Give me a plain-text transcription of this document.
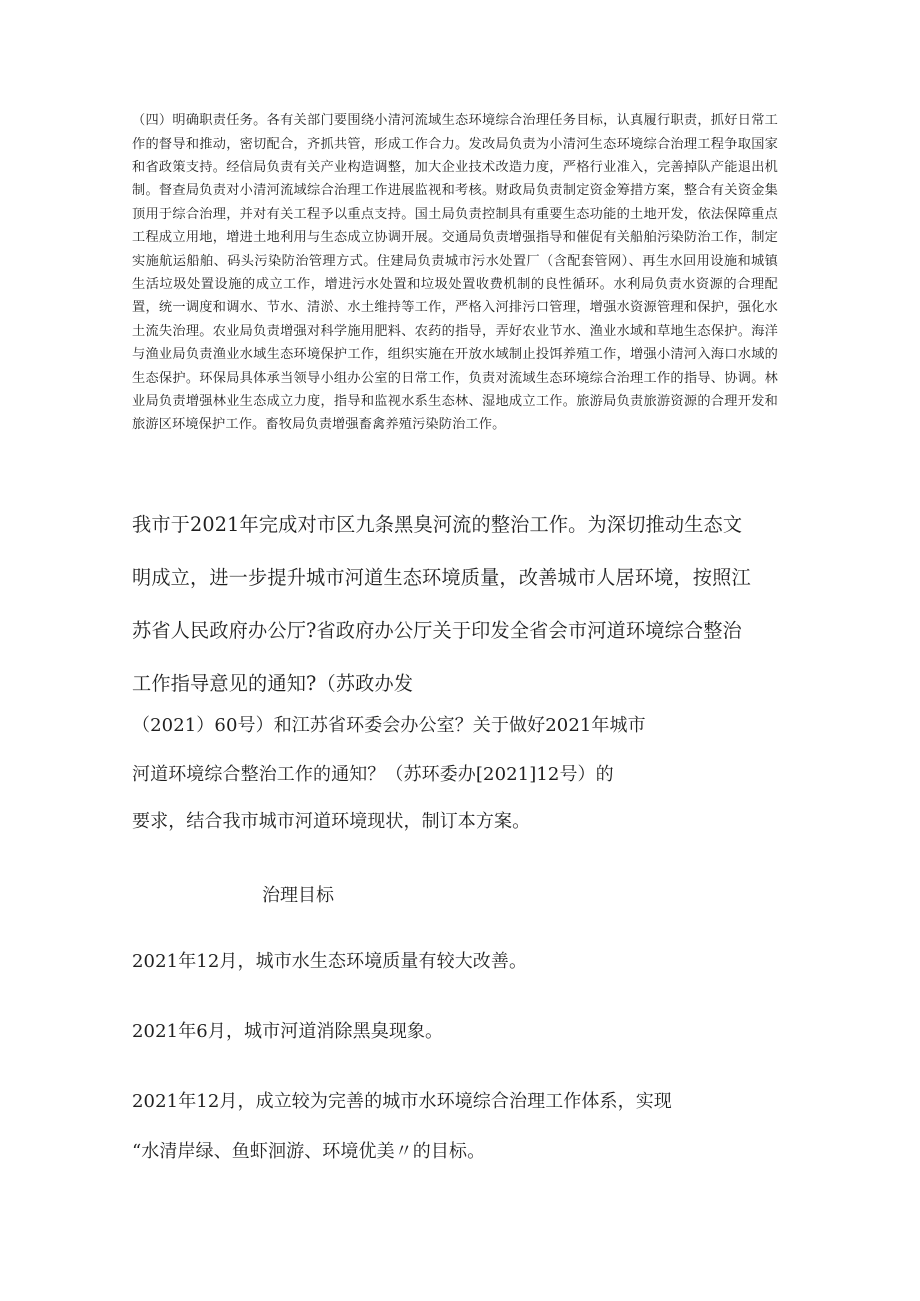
（四）明确职责任务。各有关部门要围绕小清河流域生态环境综合治理任务目标，认真履行职责，抓好日常工作的督导和推动，密切配合，齐抓共管，形成工作合力。发改局负责为小清河生态环境综合治理工程争取国家和省政策支持。经信局负责有关产业构造调整，加大企业技术改造力度，严格行业准入，完善掉队产能退出机制。督查局负责对小清河流域综合治理工作进展监视和考核。财政局负责制定资金筹措方案，整合有关资金集顶用于综合治理，并对有关工程予以重点支持。国土局负责控制具有重要生态功能的土地开发，依法保障重点工程成立用地，增进土地利用与生态成立协调开展。交通局负责增强指导和催促有关船舶污染防治工作，制定实施航运船舶、码头污染防治管理方式。住建局负责城市污水处置厂（含配套管网）、再生水回用设施和城镇生活垃圾处置设施的成立工作，增进污水处置和垃圾处置收费机制的良性循环。水利局负责水资源的合理配置，统一调度和调水、节水、清淤、水土维持等工作，严格入河排污口管理，增强水资源管理和保护，强化水土流失治理。农业局负责增强对科学施用肥料、农药的指导，弄好农业节水、渔业水域和草地生态保护。海洋与渔业局负责渔业水域生态环境保护工作，组织实施在开放水域制止投饵养殖工作，增强小清河入海口水域的生态保护。环保局具体承当领导小组办公室的日常工作，负责对流域生态环境综合治理工作的指导、协调。林业局负责增强林业生态成立力度，指导和监视水系生态林、湿地成立工作。旅游局负责旅游资源的合理开发和旅游区环境保护工作。畜牧局负责增强畜禽养殖污染防治工作。

我市于2021年完成对市区九条黑臭河流的整治工作。为深切推动生态文
明成立，进一步提升城市河道生态环境质量，改善城市人居环境，按照江
苏省人民政府办公厅?省政府办公厅关于印发全省会市河道环境综合整治
工作指导意见的通知?（苏政办发
（2021）60号）和江苏省环委会办公室？关于做好2021年城市
河道环境综合整治工作的通知？（苏环委办[2021]12号）的
要求，结合我市城市河道环境现状，制订本方案。
治理目标
2021年12月，城市水生态环境质量有较大改善。
2021年6月，城市河道消除黑臭现象。
2021年12月，成立较为完善的城市水环境综合治理工作体系，实现
“水清岸绿、鱼虾洄游、环境优美〃的目标。
